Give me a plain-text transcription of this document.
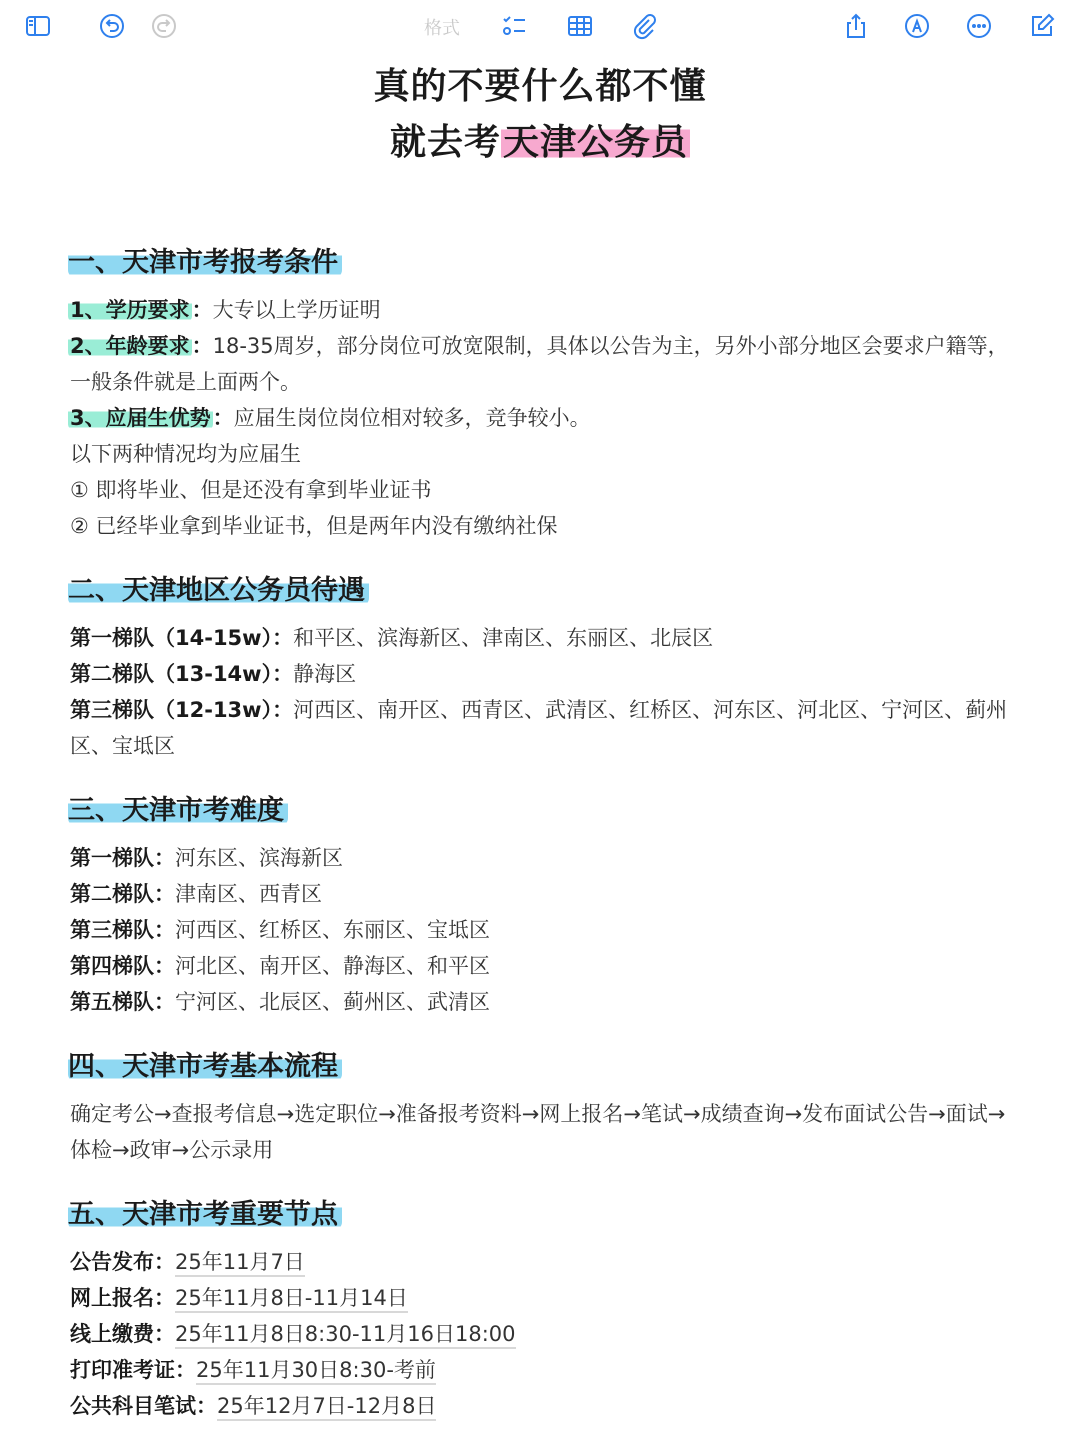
格式
真的不要什么都不懂
就去考天津公务员
一、天津市考报考条件

1、学历要求：大专以上学历证明

2、年龄要求：18-35周岁，部分岗位可放宽限制，具体以公告为主，另外小部分地区会要求户籍等，一般条件就是上面两个。

3、应届生优势：应届生岗位岗位相对较多，竞争较小。

以下两种情况均为应届生

① 即将毕业、但是还没有拿到毕业证书

② 已经毕业拿到毕业证书，但是两年内没有缴纳社保

二、天津地区公务员待遇

第一梯队（14-15w）：和平区、滨海新区、津南区、东丽区、北辰区

第二梯队（13-14w）：静海区

第三梯队（12-13w）：河西区、南开区、西青区、武清区、红桥区、河东区、河北区、宁河区、蓟州区、宝坻区

三、天津市考难度

第一梯队：河东区、滨海新区

第二梯队：津南区、西青区

第三梯队：河西区、红桥区、东丽区、宝坻区

第四梯队：河北区、南开区、静海区、和平区

第五梯队：宁河区、北辰区、蓟州区、武清区

四、天津市考基本流程

确定考公→查报考信息→选定职位→准备报考资料→网上报名→笔试→成绩查询→发布面试公告→面试→体检→政审→公示录用

五、天津市考重要节点

公告发布：25年11月7日

网上报名：25年11月8日-11月14日

线上缴费：25年11月8日8:30-11月16日18:00

打印准考证：25年11月30日8:30-考前

公共科目笔试：25年12月7日-12月8日
